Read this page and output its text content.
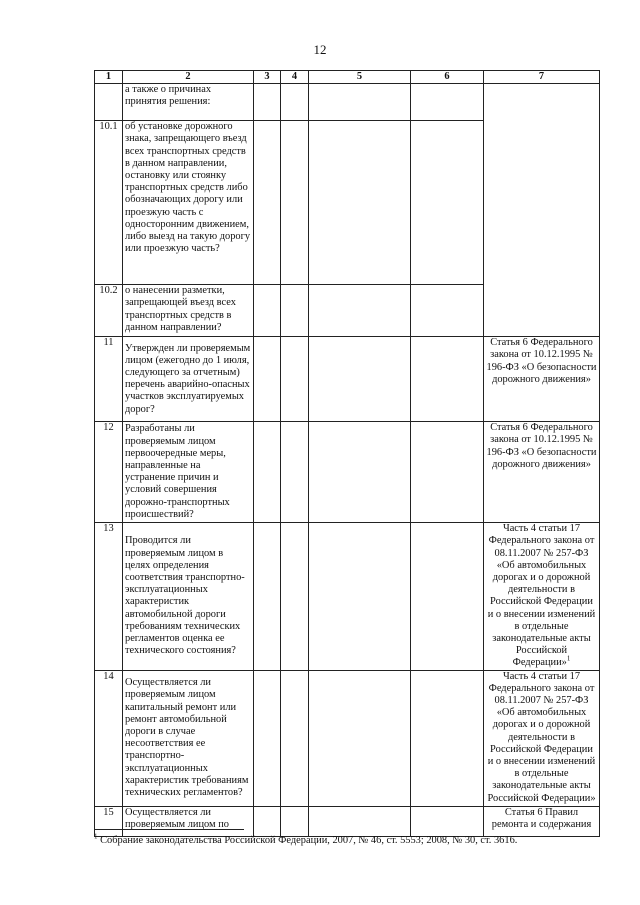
12
1	2	3	4	5	6	7
	а также о причинах принятия решения:					
10.1	об установке дорожного знака, запрещающего въезд всех транспортных средств в данном направлении, остановку или стоянку транспортных средств либо обозначающих дорогу или проезжую часть с односторонним движением, либо выезд на такую дорогу или проезжую часть?					
10.2	о нанесении разметки, запрещающей въезд всех транспортных средств в данном направлении?					
11	Утвержден ли проверяемым лицом (ежегодно до 1 июля, следующего за отчетным) перечень аварийно-опасных участков эксплуатируемых дорог?					Статья 6 Федерального закона от 10.12.1995 № 196-ФЗ «О безопасности дорожного движения»
12	Разработаны ли проверяемым лицом первоочередные меры, направленные на устранение причин и условий совершения дорожно-транспортных происшествий?					Статья 6 Федерального закона от 10.12.1995 № 196-ФЗ «О безопасности дорожного движения»
13	Проводится ли проверяемым лицом в целях определения соответствия транспортно-эксплуатационных характеристик автомобильной дороги требованиям технических регламентов оценка ее технического состояния?					Часть 4 статьи 17 Федерального закона от 08.11.2007 № 257-ФЗ «Об автомобильных дорогах и о дорожной деятельности в Российской Федерации и о внесении изменений в отдельные законодательные акты Российской Федерации»$^1$
14	Осуществляется ли проверяемым лицом капитальный ремонт или ремонт автомобильной дороги в случае несоответствия ее транспортно-эксплуатационных характеристик требованиям технических регламентов?					Часть 4 статьи 17 Федерального закона от 08.11.2007 № 257-ФЗ «Об автомобильных дорогах и о дорожной деятельности в Российской Федерации и о внесении изменений в отдельные законодательные акты Российской Федерации»
15	Осуществляется ли проверяемым лицом по					Статья 6 Правил ремонта и содержания
$^1$ Собрание законодательства Российской Федерации, 2007, № 46, ст. 5553; 2008, № 30, ст. 3616.
